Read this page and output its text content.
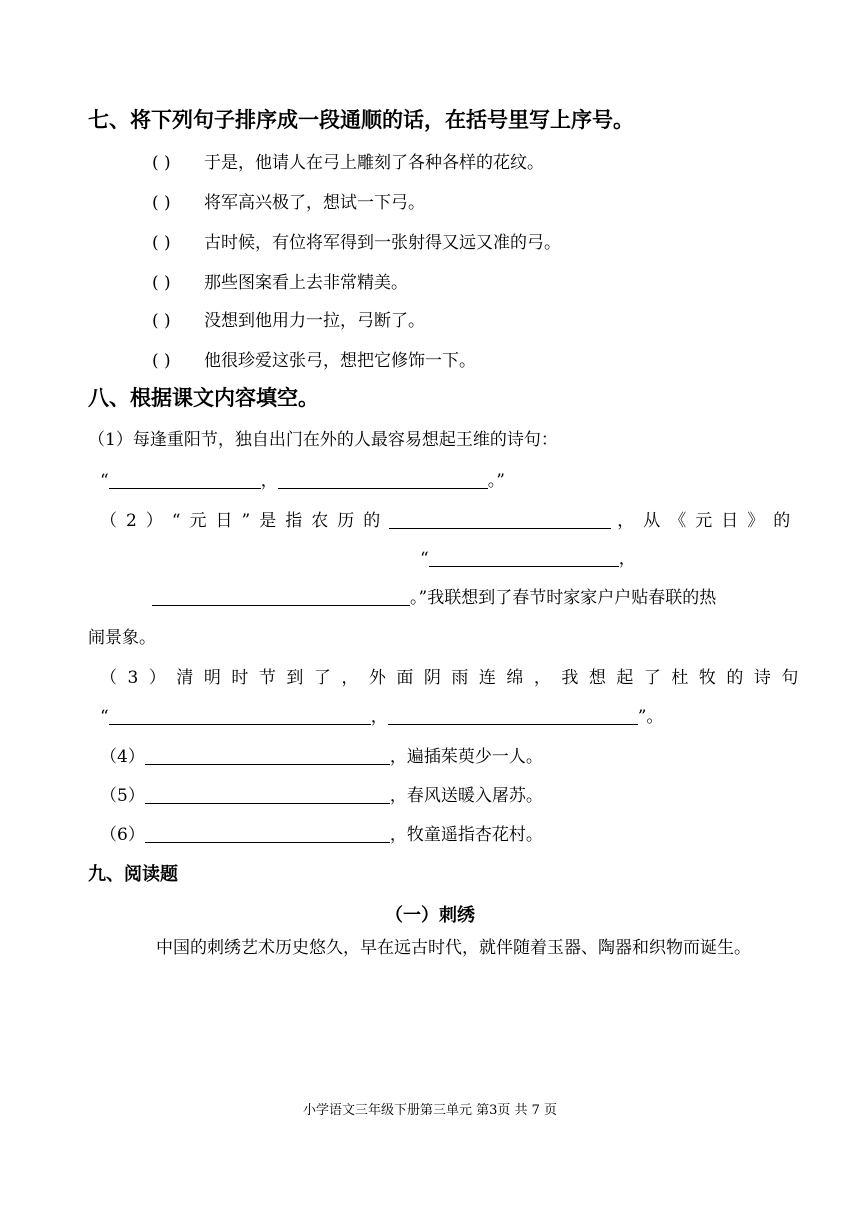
七、将下列句子排序成一段通顺的话，在括号里写上序号。
( ) 于是，他请人在弓上雕刻了各种各样的花纹。
( ) 将军高兴极了，想试一下弓。
( ) 古时候，有位将军得到一张射得又远又准的弓。
( ) 那些图案看上去非常精美。
( ) 没想到他用力一拉，弓断了。
( ) 他很珍爱这张弓，想把它修饰一下。
八、根据课文内容填空。
（1）每逢重阳节，独自出门在外的人最容易想起王维的诗句：
“	，	。”
（2）“元日”是指农历的	，从《元日》的
“	，
。”我联想到了春节时家家户户贴春联的热
闹景象。
（3）清明时节到了，外面阴雨连绵，我想起了杜牧的诗句
“	，	”。
（4）	，遍插茱萸少一人。
（5）	，春风送暖入屠苏。
（6）	，牧童遥指杏花村。
九、阅读题
（一）刺绣
中国的刺绣艺术历史悠久，早在远古时代，就伴随着玉器、陶器和织物而诞生。
小学语文三年级下册第三单元 第3页 共 7 页
